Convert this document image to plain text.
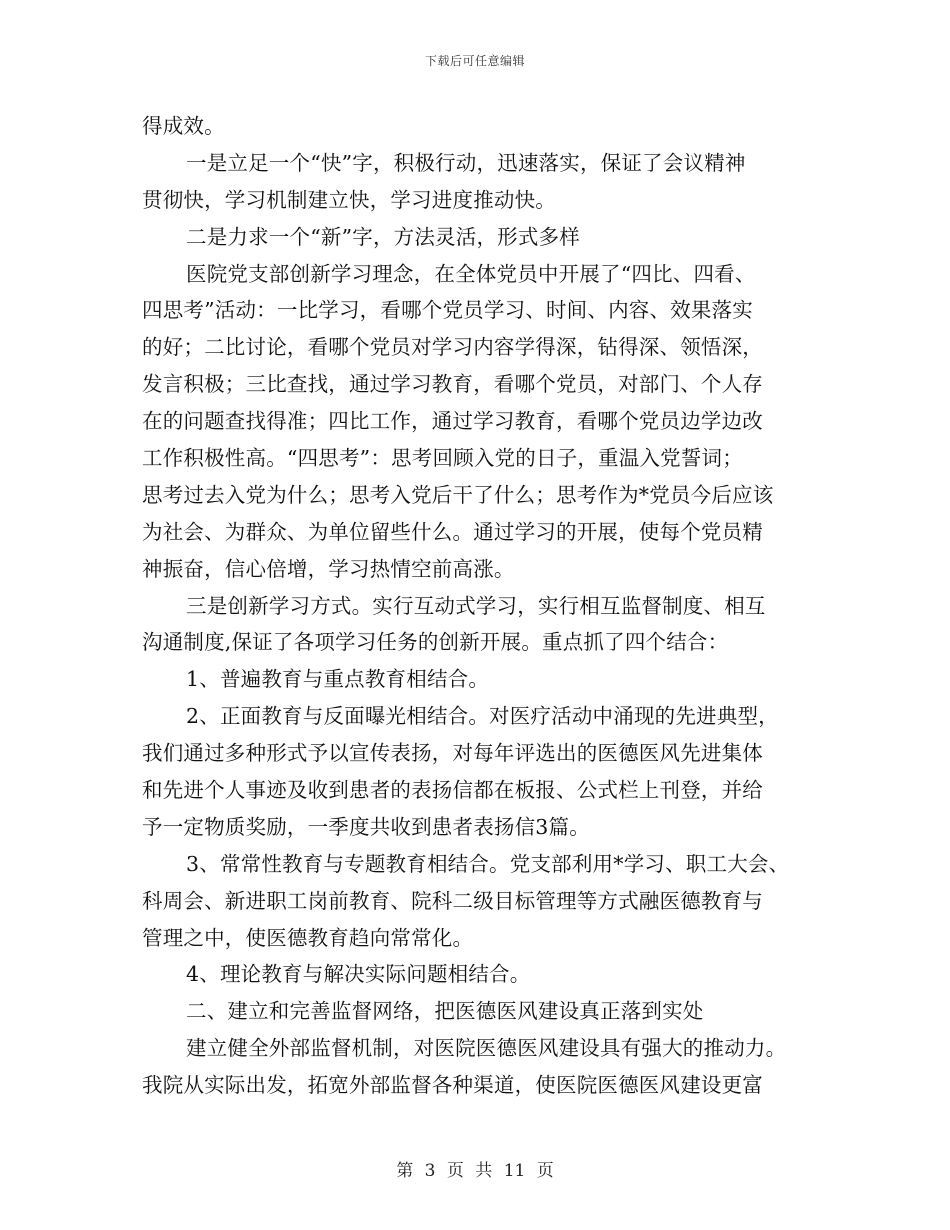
下载后可任意编辑
得成效。
一是立足一个“快”字，积极行动，迅速落实，保证了会议精神
贯彻快，学习机制建立快，学习进度推动快。
二是力求一个“新”字，方法灵活，形式多样
医院党支部创新学习理念，在全体党员中开展了“四比、四看、
四思考”活动：一比学习，看哪个党员学习、时间、内容、效果落实
的好；二比讨论，看哪个党员对学习内容学得深，钻得深、领悟深，
发言积极；三比查找，通过学习教育，看哪个党员，对部门、个人存
在的问题查找得准；四比工作，通过学习教育，看哪个党员边学边改
工作积极性高。“四思考”：思考回顾入党的日子，重温入党誓词；
思考过去入党为什么；思考入党后干了什么；思考作为*党员今后应该
为社会、为群众、为单位留些什么。通过学习的开展，使每个党员精
神振奋，信心倍增，学习热情空前高涨。
三是创新学习方式。实行互动式学习，实行相互监督制度、相互
沟通制度,保证了各项学习任务的创新开展。重点抓了四个结合：
1、普遍教育与重点教育相结合。
2、正面教育与反面曝光相结合。对医疗活动中涌现的先进典型，
我们通过多种形式予以宣传表扬，对每年评选出的医德医风先进集体
和先进个人事迹及收到患者的表扬信都在板报、公式栏上刊登，并给
予一定物质奖励，一季度共收到患者表扬信3篇。
3、常常性教育与专题教育相结合。党支部利用*学习、职工大会、
科周会、新进职工岗前教育、院科二级目标管理等方式融医德教育与
管理之中，使医德教育趋向常常化。
4、理论教育与解决实际问题相结合。
二、建立和完善监督网络，把医德医风建设真正落到实处
建立健全外部监督机制，对医院医德医风建设具有强大的推动力。
我院从实际出发，拓宽外部监督各种渠道，使医院医德医风建设更富
第 3 页 共 11 页
